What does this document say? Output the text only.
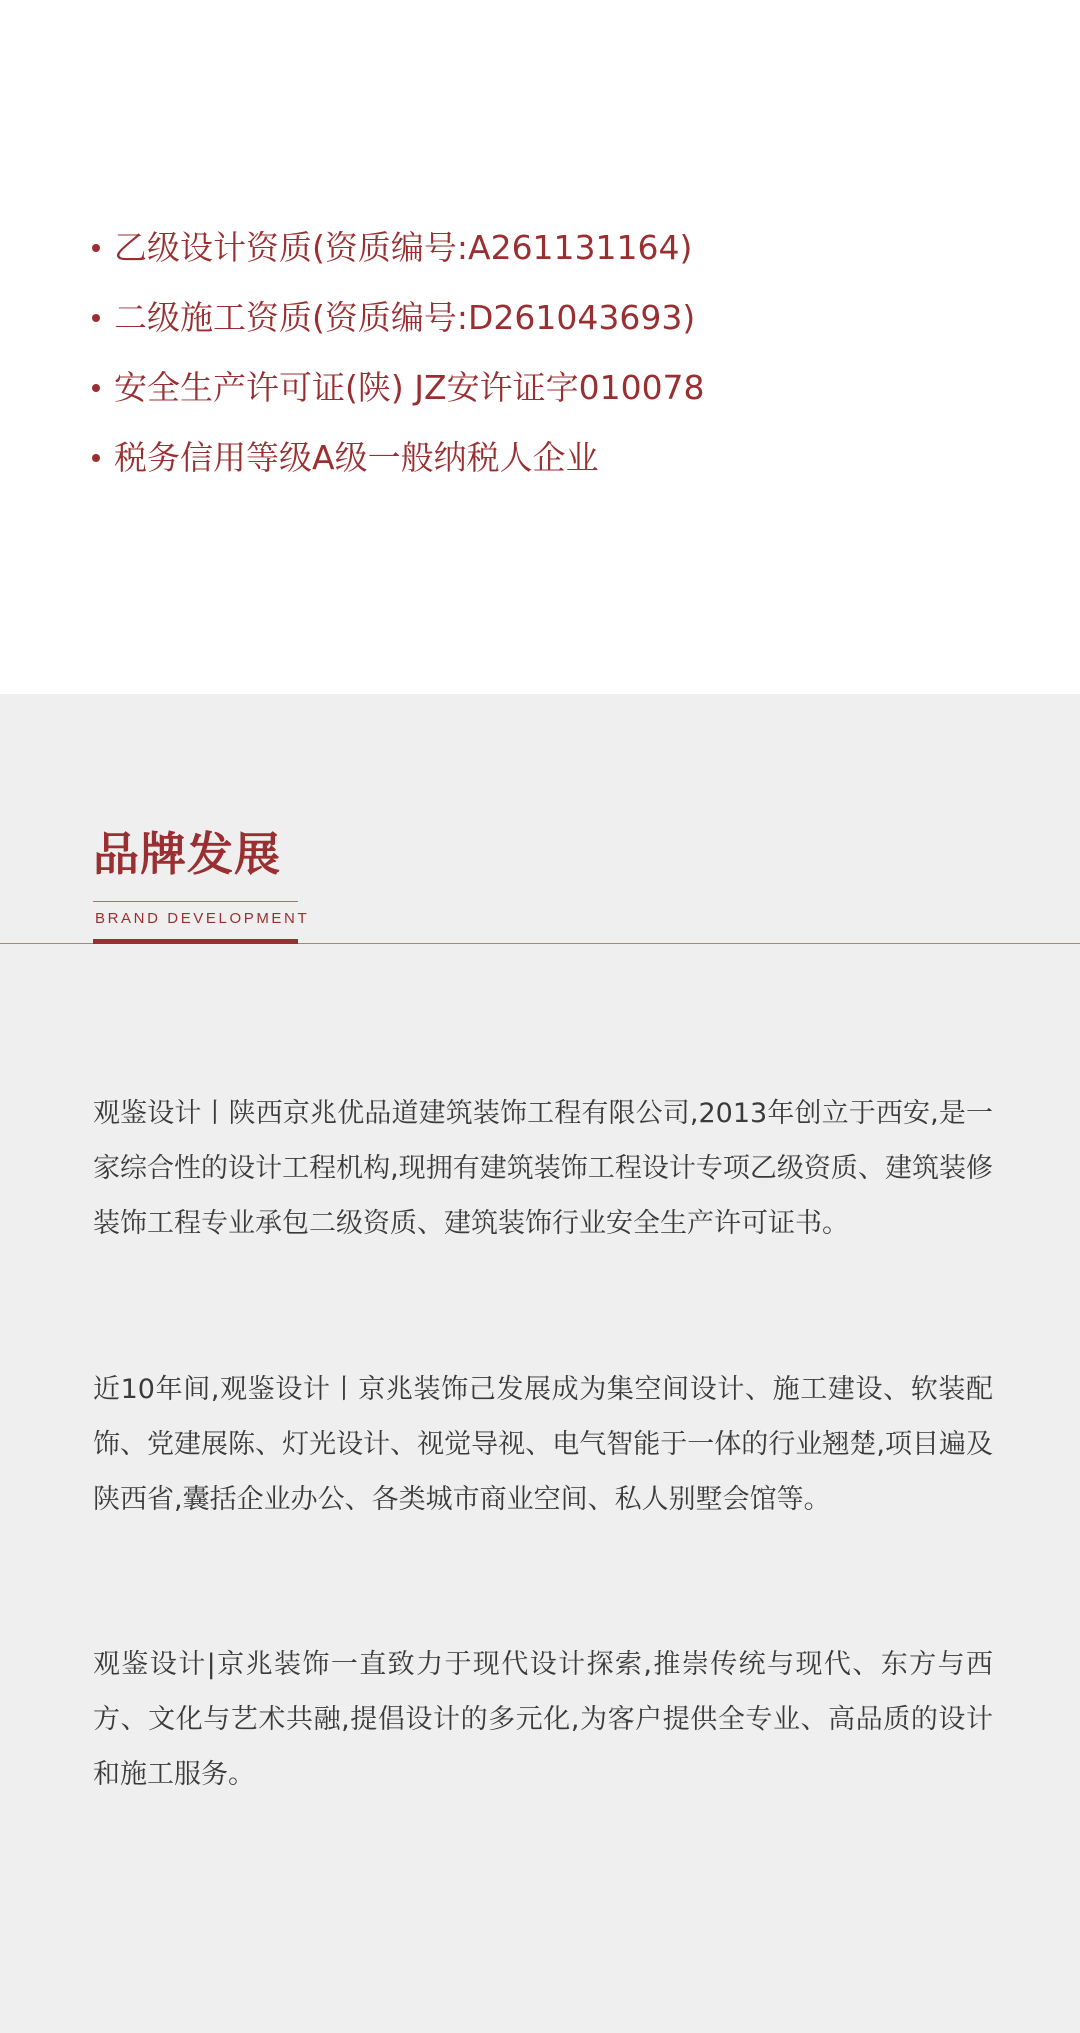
乙级设计资质(资质编号:A261131164)
二级施工资质(资质编号:D261043693)
安全生产许可证(陕) JZ安许证字010078
税务信用等级A级一般纳税人企业
品牌发展
BRAND DEVELOPMENT

观鉴设计丨陕西京兆优品道建筑装饰工程有限公司,2013年创立于西安,是一家综合性的设计工程机构,现拥有建筑装饰工程设计专项乙级资质、建筑装修装饰工程专业承包二级资质、建筑装饰行业安全生产许可证书。

近10年间,观鉴设计丨京兆装饰己发展成为集空间设计、施工建设、软装配饰、党建展陈、灯光设计、视觉导视、电气智能于一体的行业翘楚,项目遍及陕西省,囊括企业办公、各类城市商业空间、私人别墅会馆等。

观鉴设计|京兆装饰一直致力于现代设计探索,推崇传统与现代、东方与西方、文化与艺术共融,提倡设计的多元化,为客户提供全专业、高品质的设计和施工服务。
